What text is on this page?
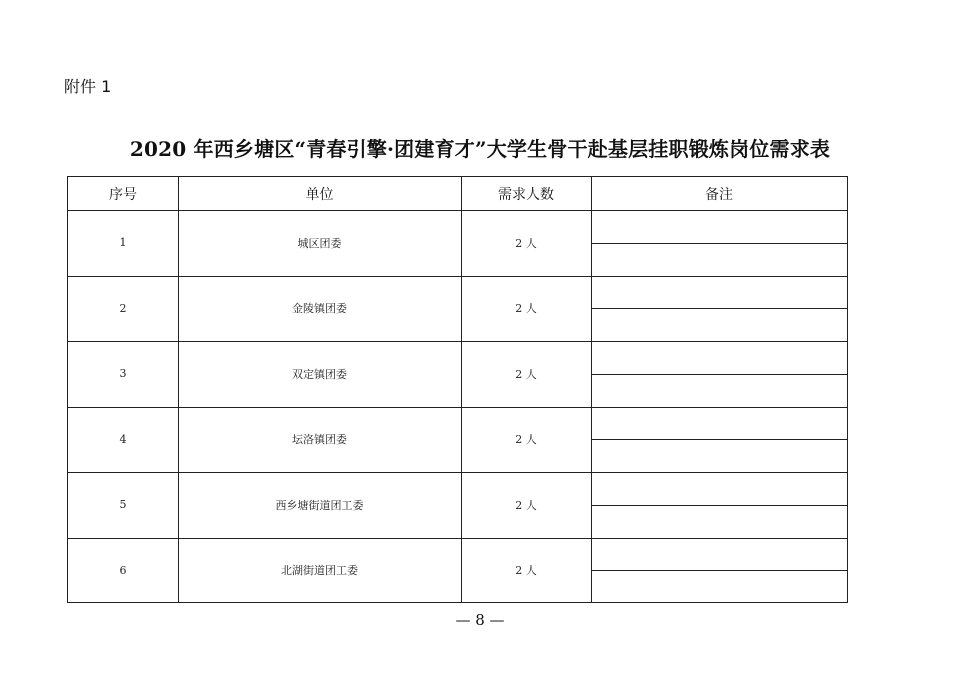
附件 1
2020 年西乡塘区“青春引擎·团建育才”大学生骨干赴基层挂职锻炼岗位需求表
序号	单位	需求人数	备注
1	城区团委	2 人
2	金陵镇团委	2 人
3	双定镇团委	2 人
4	坛洛镇团委	2 人
5	西乡塘街道团工委	2 人
6	北湖街道团工委	2 人
— 8 —
